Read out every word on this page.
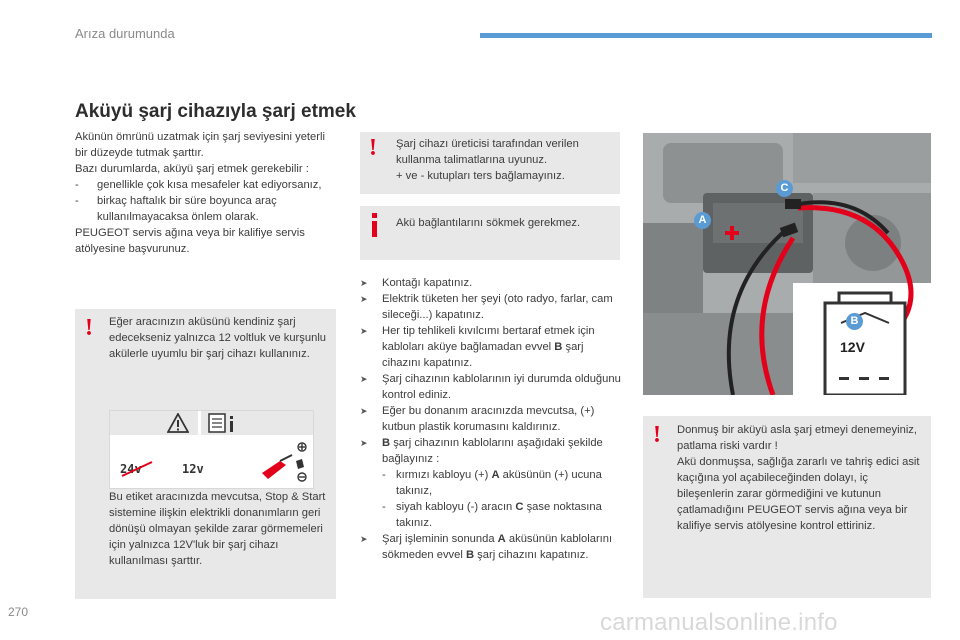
Arıza durumunda
Aküyü şarj cihazıyla şarj etmek

Akünün ömrünü uzatmak için şarj seviyesini yeterli bir düzeyde tutmak şarttır.

Bazı durumlarda, aküyü şarj etmek gerekebilir :

- genellikle çok kısa mesafeler kat ediyorsanız,

- birkaç haftalık bir süre boyunca araç kullanılmayacaksa önlem olarak.

PEUGEOT servis ağına veya bir kalifiye servis atölyesine başvurunuz.

! Eğer aracınızın aküsünü kendiniz şarj edecekseniz yalnızca 12 voltluk ve kurşunlu akülerle uyumlu bir şarj cihazı kullanınız.
24v	12v
Bu etiket aracınızda mevcutsa, Stop & Start sistemine ilişkin elektrikli donanımların geri dönüşü olmayan şekilde zarar görmemeleri için yalnızca 12V'luk bir şarj cihazı kullanılması şarttır.
! Şarj cihazı üreticisi tarafından verilen kullanma talimatlarına uyunuz.
+ ve - kutupları ters bağlamayınız.
Akü bağlantılarını sökmek gerekmez.

➤ Kontağı kapatınız.

➤ Elektrik tüketen her şeyi (oto radyo, farlar, cam sileceği...) kapatınız.

➤ Her tip tehlikeli kıvılcımı bertaraf etmek için kabloları aküye bağlamadan evvel B şarj cihazını kapatınız.

➤ Şarj cihazının kablolarının iyi durumda olduğunu kontrol ediniz.

➤ Eğer bu donanım aracınızda mevcutsa, (+) kutbun plastik korumasını kaldırınız.

➤ B şarj cihazının kablolarını aşağıdaki şekilde bağlayınız :

- kırmızı kabloyu (+) A aküsünün (+) ucuna takınız,

- siyah kabloyu (-) aracın C şase noktasına takınız.

➤ Şarj işleminin sonunda A aküsünün kablolarını sökmeden evvel B şarj cihazını kapatınız.

A
C
B
12V
! Donmuş bir aküyü asla şarj etmeyi denemeyiniz, patlama riski vardır !
Akü donmuşsa, sağlığa zararlı ve tahriş edici asit kaçığına yol açabileceğinden dolayı, iç bileşenlerin zarar görmediğini ve kutunun çatlamadığını PEUGEOT servis ağına veya bir kalifiye servis atölyesine kontrol ettiriniz.
270	carmanualsonline.info
